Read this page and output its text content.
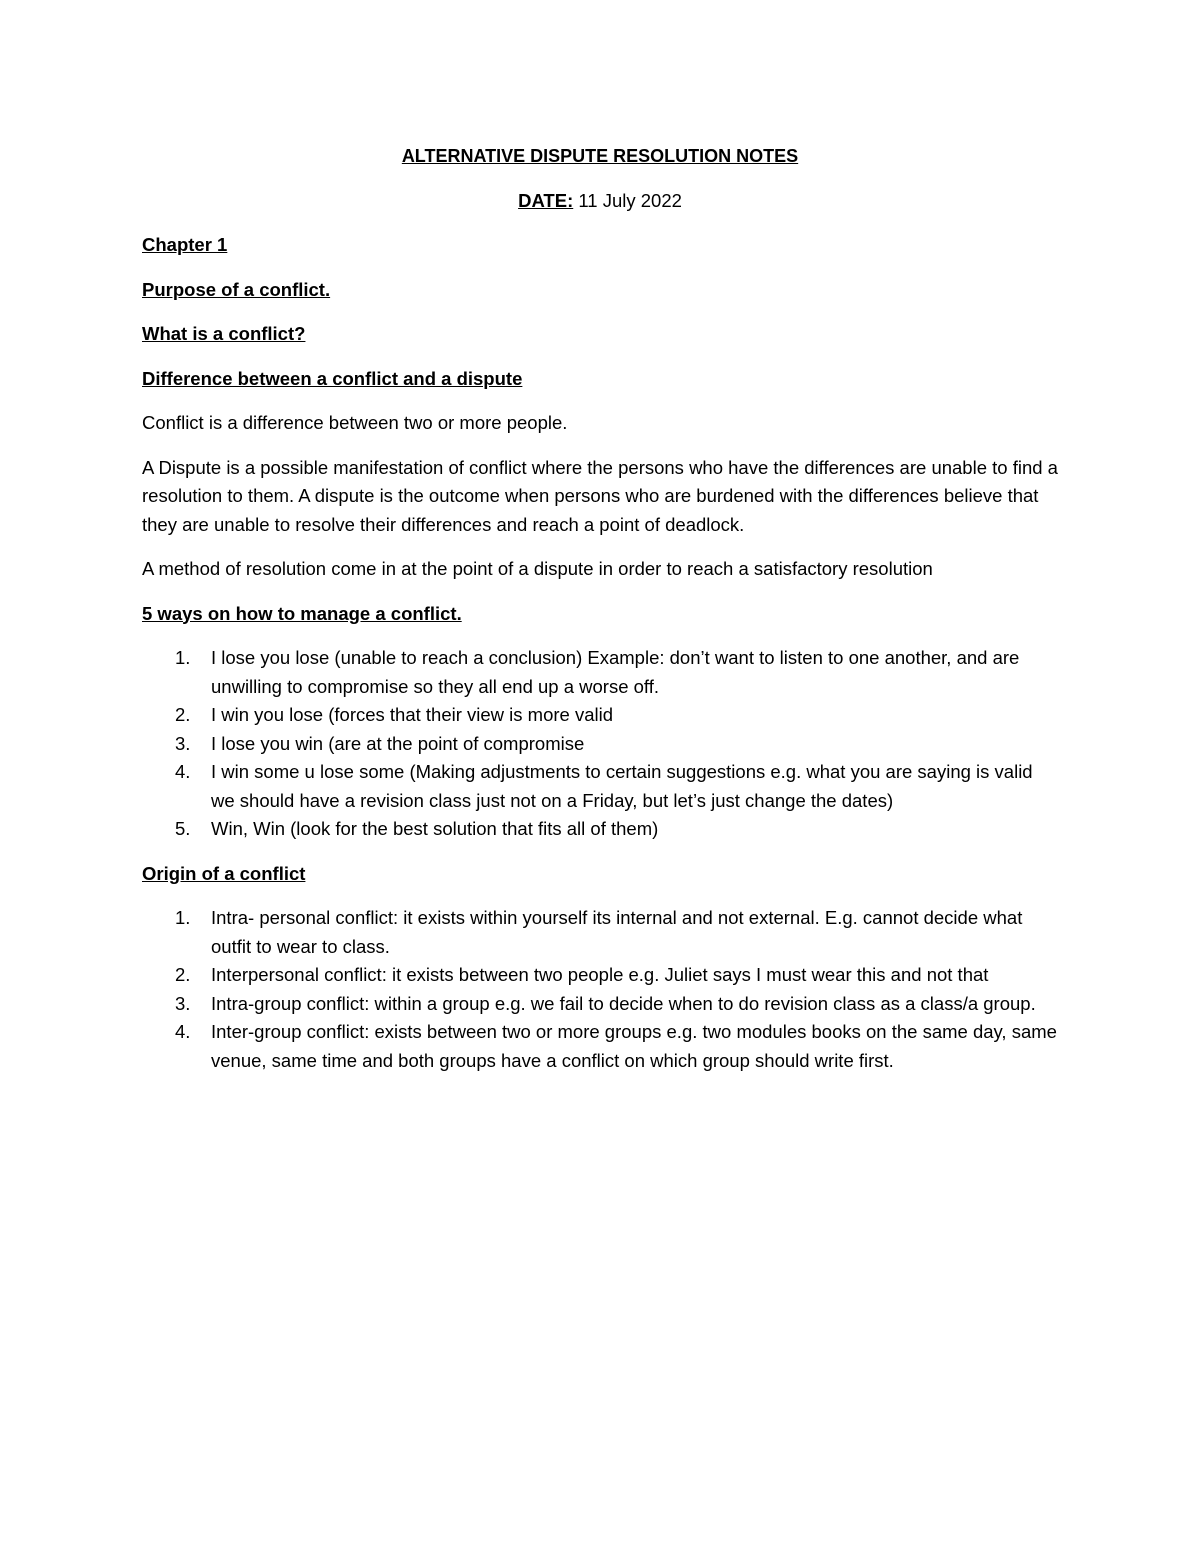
ALTERNATIVE DISPUTE RESOLUTION NOTES
DATE: 11 July 2022
Chapter 1
Purpose of a conflict.
What is a conflict?
Difference between a conflict and a dispute

Conflict is a difference between two or more people.

A Dispute is a possible manifestation of conflict where the persons who have the differences are unable to find a resolution to them. A dispute is the outcome when persons who are burdened with the differences believe that they are unable to resolve their differences and reach a point of deadlock.

A method of resolution come in at the point of a dispute in order to reach a satisfactory resolution

5 ways on how to manage a conflict.
1. I lose you lose (unable to reach a conclusion) Example: don’t want to listen to one another, and are unwilling to compromise so they all end up a worse off.
2. I win you lose (forces that their view is more valid
3. I lose you win (are at the point of compromise
4. I win some u lose some (Making adjustments to certain suggestions e.g. what you are saying is valid we should have a revision class just not on a Friday, but let’s just change the dates)
5. Win, Win (look for the best solution that fits all of them)
Origin of a conflict
1. Intra- personal conflict: it exists within yourself its internal and not external. E.g. cannot decide what outfit to wear to class.
2. Interpersonal conflict: it exists between two people e.g. Juliet says I must wear this and not that
3. Intra-group conflict: within a group e.g. we fail to decide when to do revision class as a class/a group.
4. Inter-group conflict: exists between two or more groups e.g. two modules books on the same day, same venue, same time and both groups have a conflict on which group should write first.
